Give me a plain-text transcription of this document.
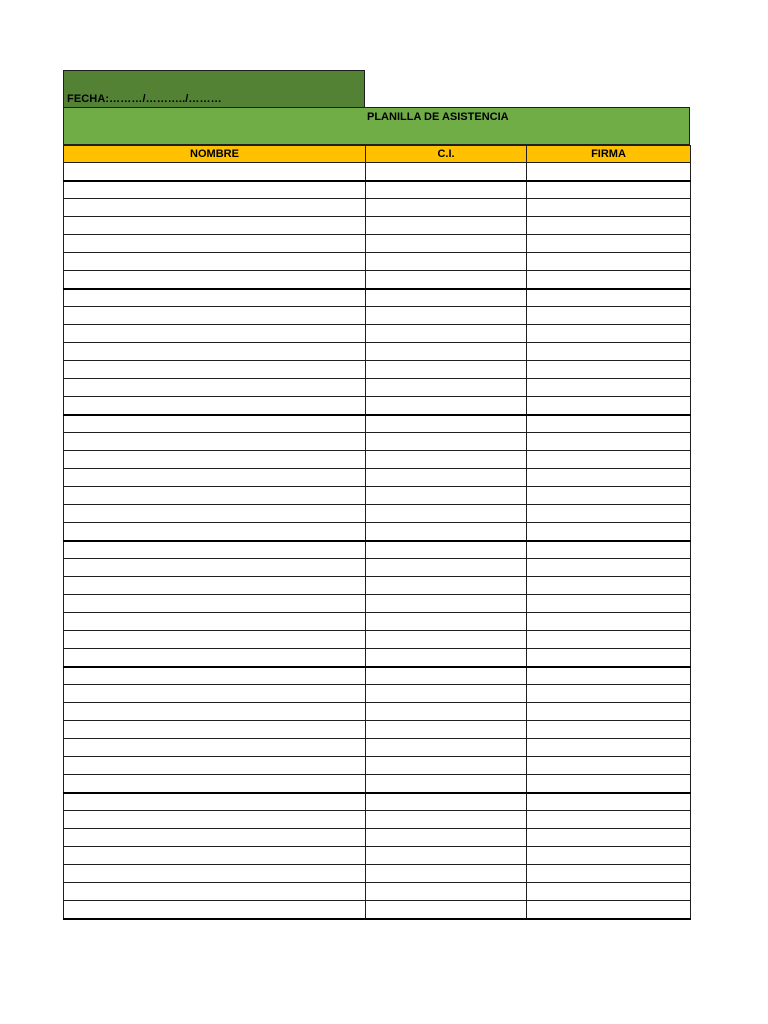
FECHA:………/………../………
PLANILLA DE ASISTENCIA
NOMBRE	C.I.	FIRMA
